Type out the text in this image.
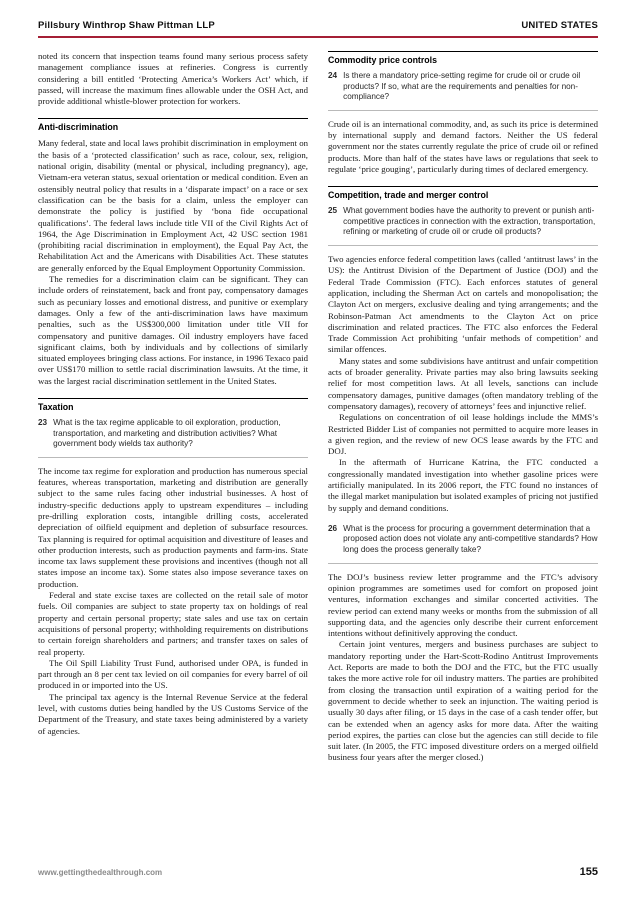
Pillsbury Winthrop Shaw Pittman LLP	UNITED STATES

noted its concern that inspection teams found many serious process safety management compliance issues at refineries. Congress is currently considering a bill entitled ‘Protecting America’s Workers Act’ which, if passed, will increase the maximum fines allowable under the OSH Act, and provide additional whistle-blower protection for workers.

Anti-discrimination

Many federal, state and local laws prohibit discrimination in employment on the basis of a ‘protected classification’ such as race, colour, sex, religion, national origin, disability (mental or physical, including pregnancy), age, Vietnam-era veteran status, sexual orientation or medical condition. Even an ostensibly neutral policy that results in a ‘disparate impact’ on a race or sex classification can be the basis for a claim, unless the employer can demonstrate the policy is justified by ‘bona fide occupational qualifications’. The federal laws include title VII of the Civil Rights Act of 1964, the Age Discrimination in Employment Act, 42 USC section 1981 (prohibiting racial discrimination in employment), the Equal Pay Act, the Rehabilitation Act and the Americans with Disabilities Act. These statutes are generally enforced by the Equal Employment Opportunity Commission.

The remedies for a discrimination claim can be significant. They can include orders of reinstatement, back and front pay, compensatory damages such as pecuniary losses and emotional distress, and punitive or exemplary damages. Only a few of the anti-discrimination laws have maximum penalties, such as the US$300,000 limitation under title VII for compensatory and punitive damages. Oil industry employers have faced significant claims, both by individuals and by collections of similarly situated employees bringing class actions. For instance, in 1996 Texaco paid over US$170 million to settle racial discrimination lawsuits. At the time, it was the largest racial discrimination settlement in the United States.

Taxation
23 What is the tax regime applicable to oil exploration, production, transportation, and marketing and distribution activities? What government body wields tax authority?

The income tax regime for exploration and production has numerous special features, whereas transportation, marketing and distribution are generally subject to the same rules facing other industrial businesses. A host of industry-specific deductions apply to upstream expenditures – including pre-drilling exploration costs, intangible drilling costs, accelerated depreciation of oilfield equipment and depletion of subsurface resources. Tax planning is required for optimal acquisition and divestiture of leases and other production interests, such as production payments and farm-ins. State income tax laws supplement these provisions and incentives (though not all states impose an income tax). Some states also impose severance taxes on production.

Federal and state excise taxes are collected on the retail sale of motor fuels. Oil companies are subject to state property tax on holdings of real property and certain personal property; state sales and use tax on certain acquisitions of personal property; withholding requirements on distributions to certain foreign shareholders and partners; and transfer taxes on sales of real property.

The Oil Spill Liability Trust Fund, authorised under OPA, is funded in part through an 8 per cent tax levied on oil companies for every barrel of oil produced in or imported into the US.

The principal tax agency is the Internal Revenue Service at the federal level, with customs duties being handled by the US Customs Service of the Department of the Treasury, and state taxes being administered by a variety of agencies.

Commodity price controls
24 Is there a mandatory price-setting regime for crude oil or crude oil products? If so, what are the requirements and penalties for non-compliance?

Crude oil is an international commodity, and, as such its price is determined by international supply and demand factors. Neither the US federal government nor the states currently regulate the price of crude oil or refined products. More than half of the states have laws or regulations that seek to regulate ‘price gouging’, particularly during times of declared emergency.

Competition, trade and merger control
25 What government bodies have the authority to prevent or punish anti-competitive practices in connection with the extraction, transportation, refining or marketing of crude oil or crude oil products?

Two agencies enforce federal competition laws (called ‘antitrust laws’ in the US): the Antitrust Division of the Department of Justice (DOJ) and the Federal Trade Commission (FTC). Each enforces statutes of general application, including the Sherman Act on cartels and monopolisation; the Clayton Act on mergers, exclusive dealing and tying arrangements; and the Robinson-Patman Act amendments to the Clayton Act on price discrimination and related practices. The FTC also enforces the Federal Trade Commission Act prohibiting ‘unfair methods of competition’ and similar offences.

Many states and some subdivisions have antitrust and unfair competition acts of broader generality. Private parties may also bring lawsuits seeking relief for most competition laws. At all levels, sanctions can include compensatory damages, punitive damages (often mandatory trebling of the compensatory damages), recovery of attorneys’ fees and injunctive relief.

Regulations on concentration of oil lease holdings include the MMS’s Restricted Bidder List of companies not permitted to acquire more leases in a given region, and the review of new OCS lease awards by the FTC and DOJ.

In the aftermath of Hurricane Katrina, the FTC conducted a congressionally mandated investigation into whether gasoline prices were artificially manipulated. In its 2006 report, the FTC found no instances of the illegal market manipulation but isolated examples of pricing not justified by supply and demand conditions.

26 What is the process for procuring a government determination that a proposed action does not violate any anti-competitive standards? How long does the process generally take?

The DOJ’s business review letter programme and the FTC’s advisory opinion programmes are sometimes used for comfort on proposed joint ventures, information exchanges and similar concerted activities. The review period can extend many weeks or months from the submission of all supporting data, and the agencies only describe their current enforcement intentions without definitively approving the conduct.

Certain joint ventures, mergers and business purchases are subject to mandatory reporting under the Hart-Scott-Rodino Antitrust Improvements Act. Reports are made to both the DOJ and the FTC, but the FTC usually takes the more active role for oil industry matters. The parties are prohibited from closing the transaction until expiration of a waiting period for the government to decide whether to seek an injunction. The waiting period is usually 30 days after filing, or 15 days in the case of a cash tender offer, but can be extended when an agency asks for more data. After the waiting period expires, the parties can close but the agencies can still decide to file suit later. (In 2005, the FTC imposed divestiture orders on a merged oilfield business four years after the merger closed.)

www.gettingthedealthrough.com	155
